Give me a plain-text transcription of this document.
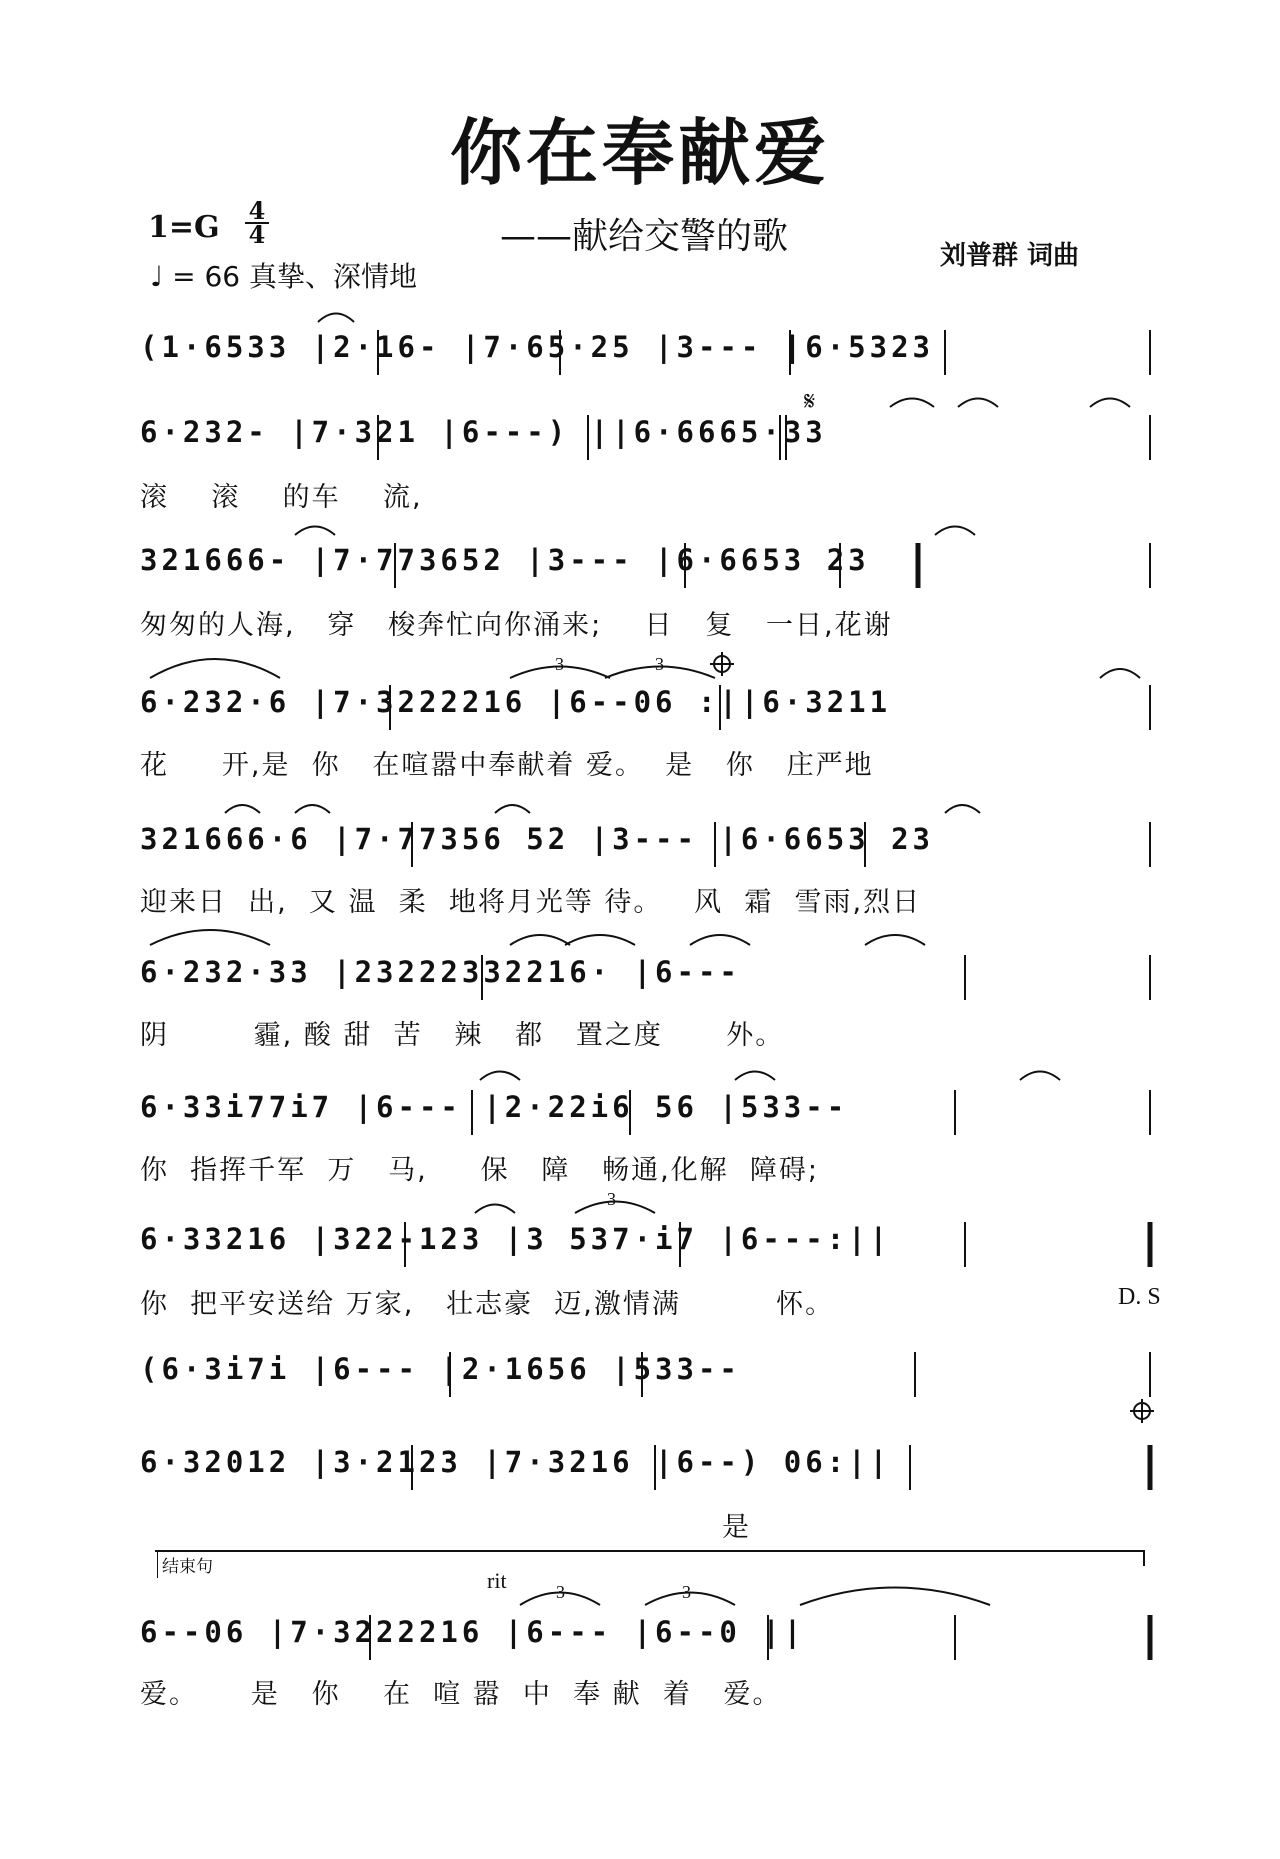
你在奉献爱
$1=G \frac{4}{4}$
♩ = 66 真挚、深情地
——献给交警的歌	刘普群 词曲
(1·6533 |2·16- |7·65·25 |3--- |6·5323
6·232- |7·321 |6---) ||6·6665·33
滚    滚    的车    流,
321666- |7·773652 |3--- |6·6653 23
匆匆的人海,   穿   梭奔忙向你涌来;    日   复   一日,花谢
6·232·6 |7·3222216 |6--06 :||6·3211
花     开,是  你   在喧嚣中奉献着 爱。  是   你   庄严地
321666·6 |7·77356 52 |3--- |6·6653 23
迎来日  出,  又 温  柔  地将月光等 待。   风  霜  雪雨,烈日
6·232·33 |23222332216· |6---
阴        霾, 酸 甜  苦   辣   都   置之度      外。
6·33i77i7 |6--- |2·22i6 56 |533--
你  指挥千军  万   马,     保   障   畅通,化解  障碍;
6·33216 |322-123 |3 537·i7 |6---:||
你  把平安送给 万家,   壮志豪  迈,激情满         怀。
(6·3i7i |6--- |2·1656 |533--
6·32012 |3·2123 |7·3216 |6--) 06:||
是
6--06 |7·3222216 |6--- |6--0 ||
爱。     是   你    在  喧 嚣  中  奉 献  着   爱。
D. S
结束句
rit
3	3
3
3	3
𝄋
